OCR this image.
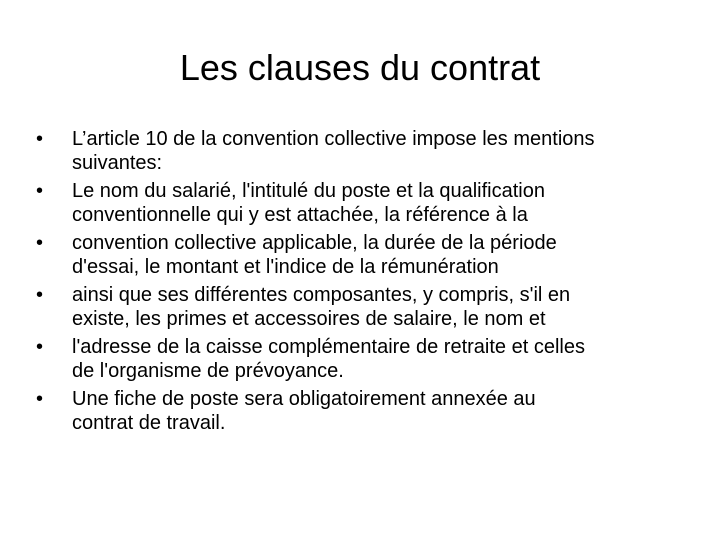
Les clauses du contrat
•	L’article 10 de la convention collective impose les mentions
suivantes:
•	Le nom du salarié, l'intitulé du poste et la qualification
conventionnelle qui y est attachée, la référence à la
•	convention collective applicable, la durée de la période
d'essai, le montant et l'indice de la rémunération
•	ainsi que ses différentes composantes, y compris, s'il en
existe, les primes et accessoires de salaire, le nom et
•	l'adresse de la caisse complémentaire de retraite et celles
de l'organisme de prévoyance.
•	Une fiche de poste sera obligatoirement annexée au
contrat de travail.
